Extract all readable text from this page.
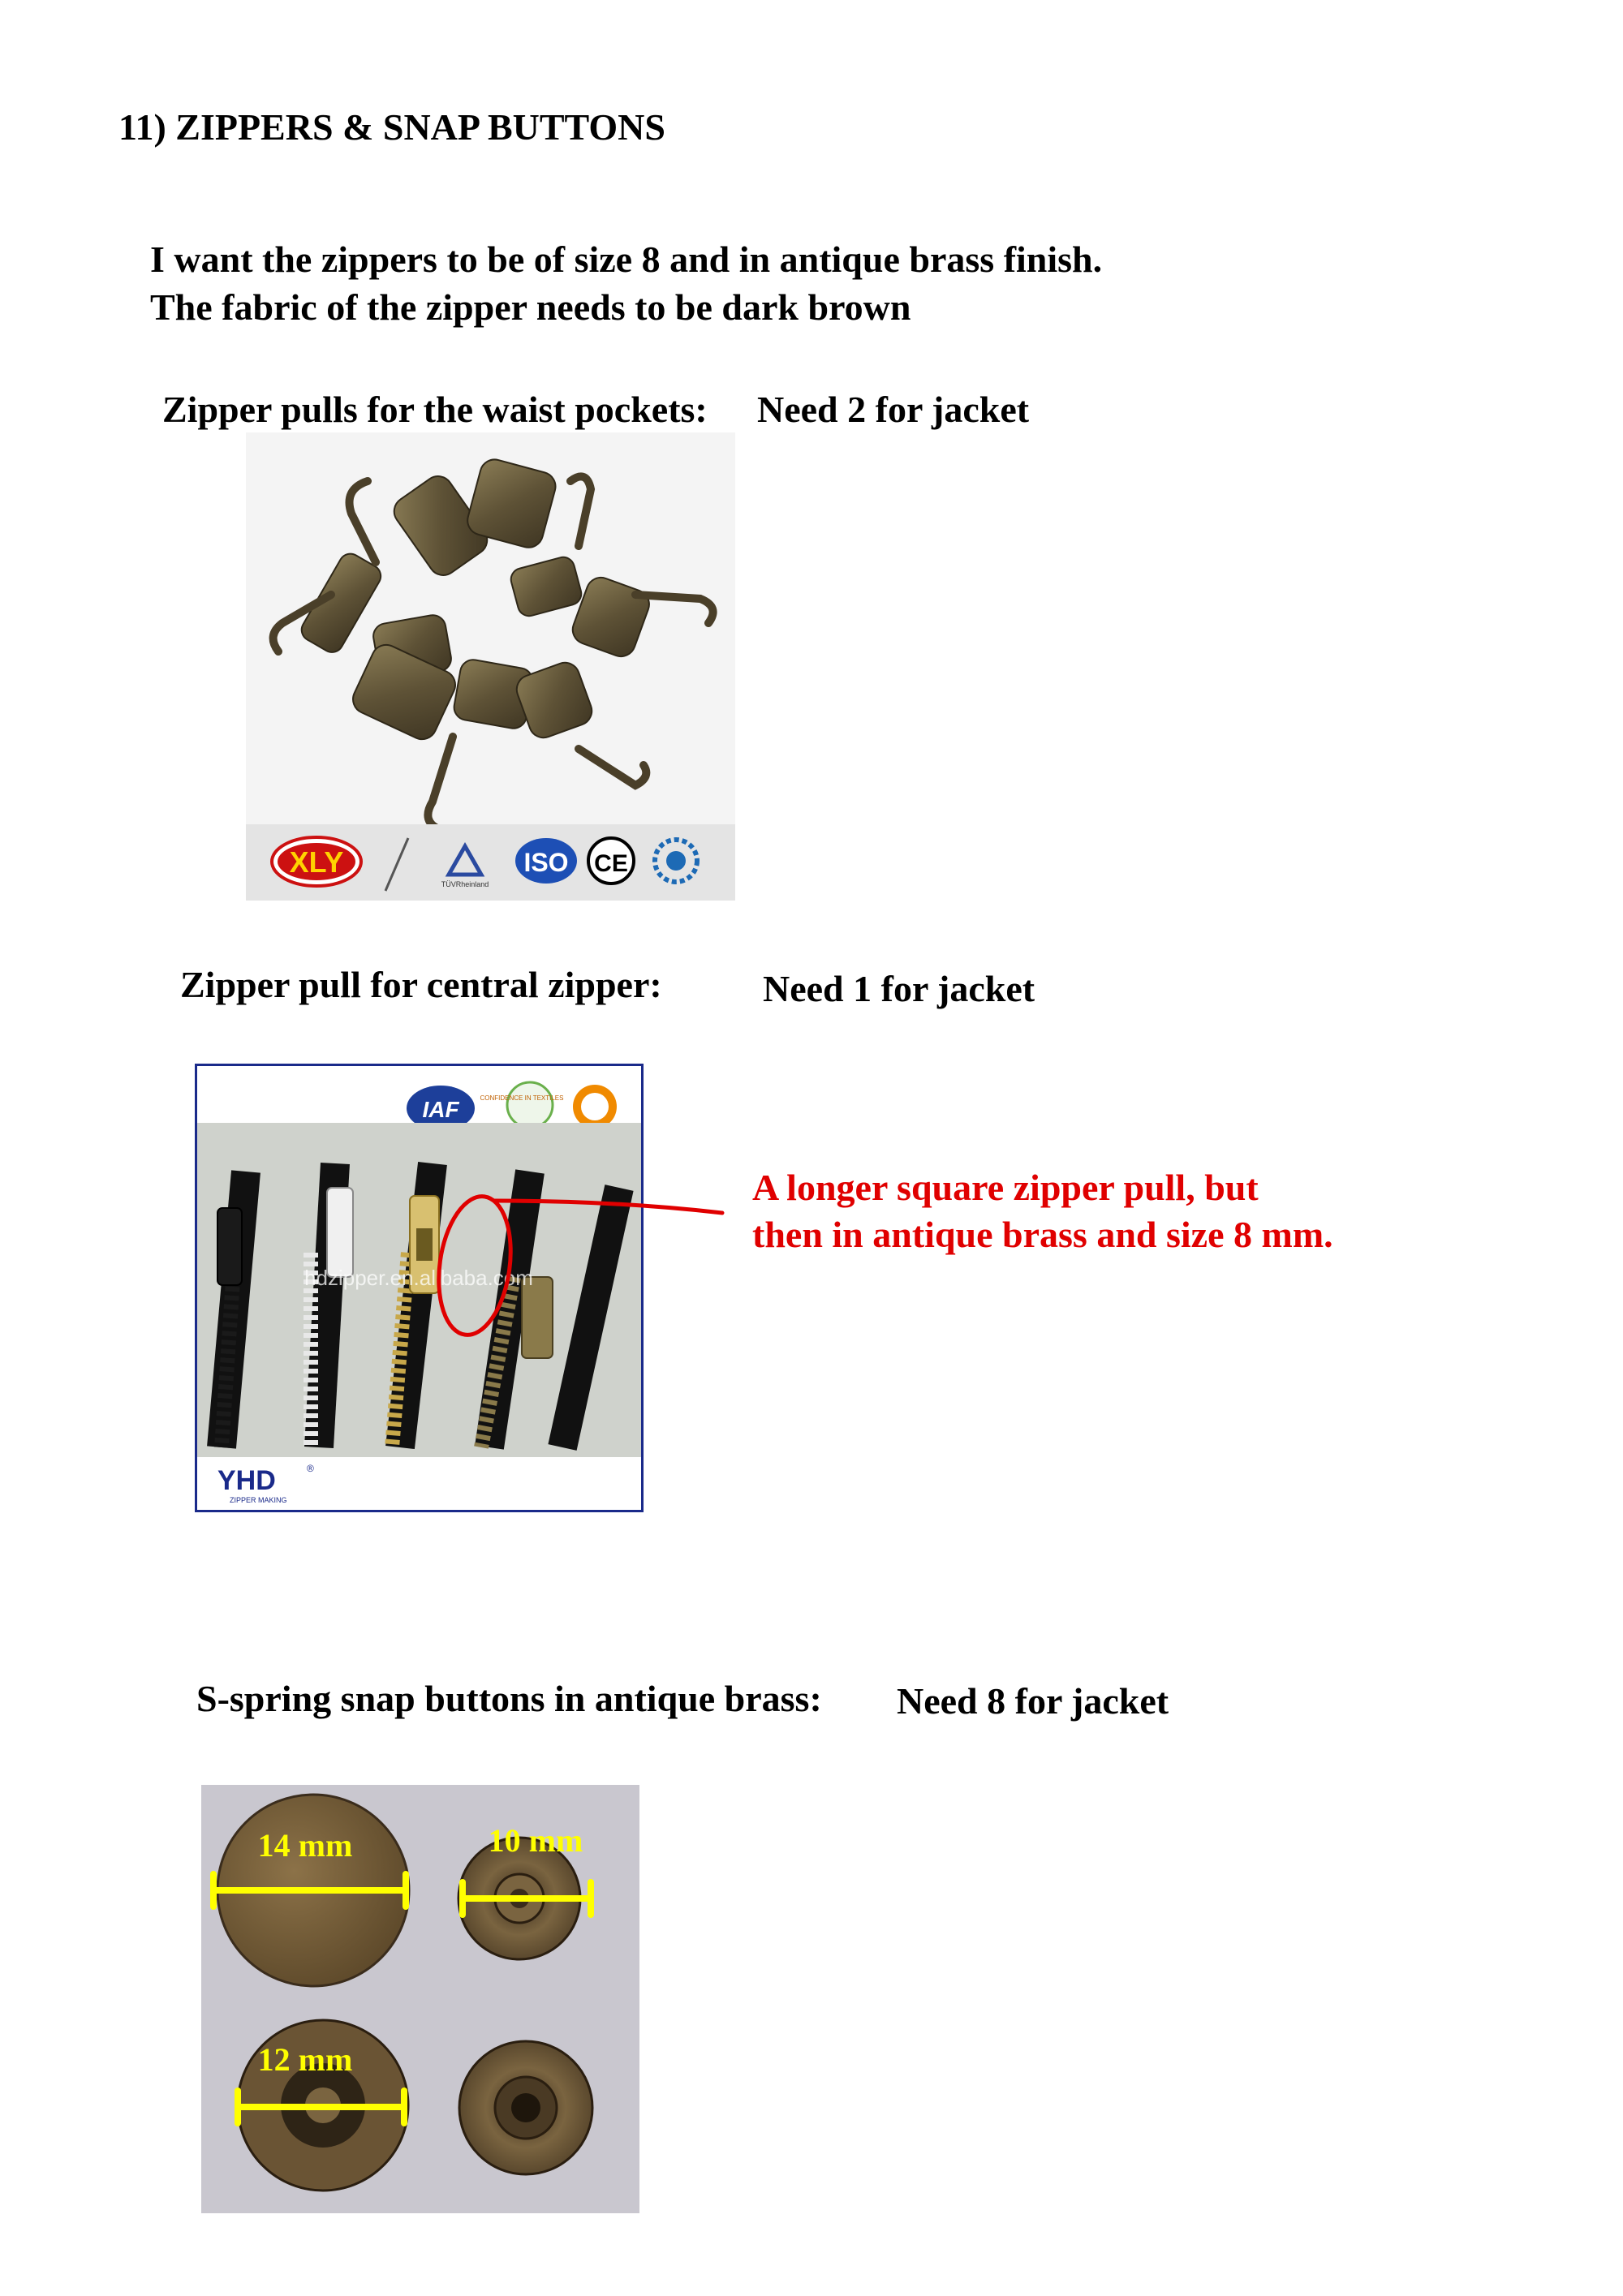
11) ZIPPERS & SNAP BUTTONS
I want the zippers to be of size 8 and in antique brass finish.
The fabric of the zipper needs to be dark brown
Zipper pulls for the waist pockets: Need 2 for jacket
XLY
TÜVRheinland
ISO CE
Zipper pull for central zipper:	Need 1 for jacket
IAF	CONFIDENCE IN TEXTILES
hdzipper.en.alibaba.com
YHD	®
ZIPPER MAKING
A longer square zipper pull, but
then in antique brass and size 8 mm.
S-spring snap buttons in antique brass: Need 8 for jacket
14 mm	10 mm
12 mm
